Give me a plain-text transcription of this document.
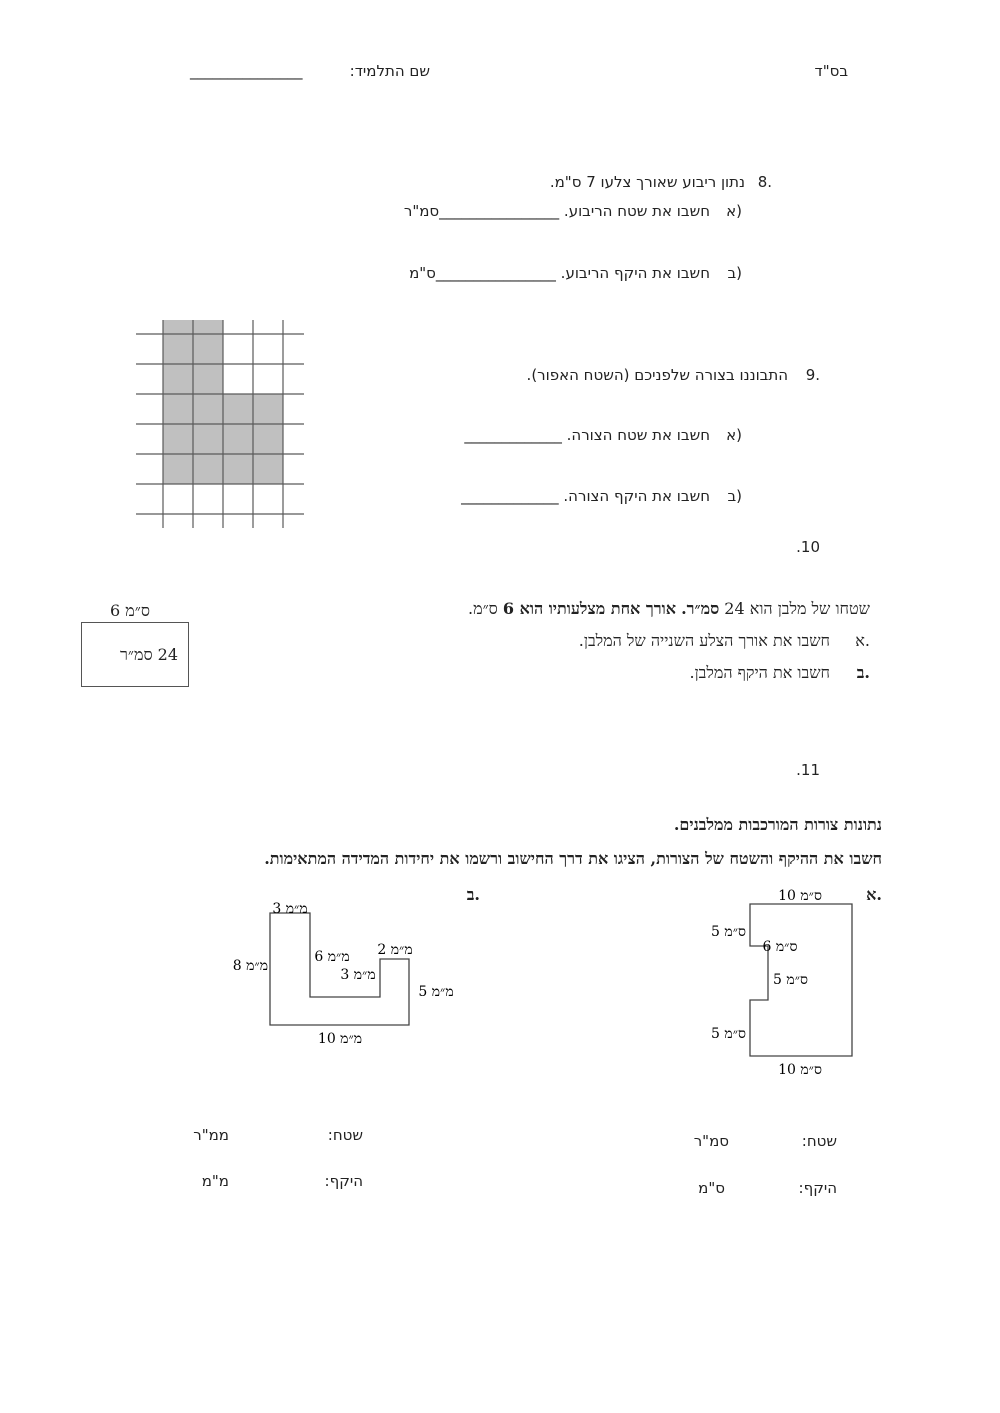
בס"ד
שם התלמיד:
_______________
8.
נתון ריבוע שאורך צלעו 7 ס"מ.
א)
חשבו את שטח הריבוע. ________________סמ"ר
ב)
חשבו את היקף הריבוע. ________________ס"מ
9.
התבוננו בצורה שלפניכם (השטח האפור).
א)
חשבו את שטח הצורה. _____________
ב)
חשבו את היקף הצורה. _____________
.10
שטחו של מלבן הוא 24 סמ״ר. אורך אחת מצלעותיו הוא 6 ס״מ.
א.
חשבו את אורך הצלע השנייה של המלבן.
ב.
חשבו את היקף המלבן.
6 ס״מ
24 סמ״ר
.11
נתונות צורות המורכבות ממלבנים.
חשבו את ההיקף והשטח של הצורות, הציגו את דרך החישוב ורשמו את יחידות המדידה המתאימות.
א.
ב.	10 ס״מ
5 ס״מ
6 ס״מ
5 ס״מ
5 ס״מ
10 ס״מ
3 מ״מ
8 מ״מ
6 מ״מ
3 מ״מ
2 מ״מ
5 מ״מ
10 מ״מ
שטח:
סמ"ר
היקף:
ס"מ
שטח:
ממ"ר
היקף:
מ"מ
